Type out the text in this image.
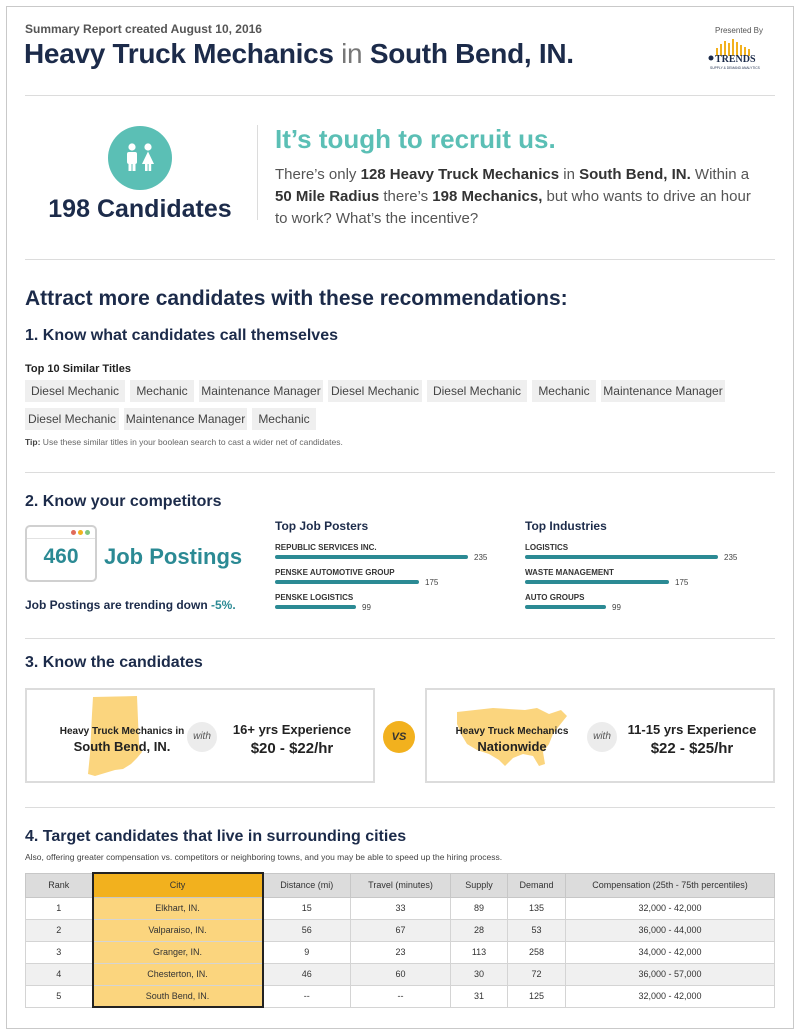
Summary Report created August 10, 2016
Heavy Truck Mechanics in South Bend, IN.
Presented By
TRENDS
SUPPLY & DEMAND ANALYTICS
198 Candidates
It’s tough to recruit us.
There’s only 128 Heavy Truck Mechanics in South Bend, IN. Within a 50 Mile Radius there’s 198 Mechanics, but who wants to drive an hour to work? What’s the incentive?
Attract more candidates with these recommendations:
1. Know what candidates call themselves
Top 10 Similar Titles
Diesel Mechanic	Mechanic	Maintenance Manager Diesel Mechanic	Diesel Mechanic	Mechanic	Maintenance Manager
Diesel Mechanic Maintenance Manager	Mechanic
Tip: Use these similar titles in your boolean search to cast a wider net of candidates.
2. Know your competitors
460	Job Postings
Job Postings are trending down -5%.
Top Job Posters	Top Industries
REPUBLIC SERVICES INC.
235
PENSKE AUTOMOTIVE GROUP
175
PENSKE LOGISTICS
99
LOGISTICS
235
WASTE MANAGEMENT
175
AUTO GROUPS
99
3. Know the candidates
Heavy Truck Mechanics in
South Bend, IN.
with	16+ yrs Experience
$20 - $22/hr
VS	Heavy Truck Mechanics
Nationwide
with	11-15 yrs Experience
$22 - $25/hr
4. Target candidates that live in surrounding cities
Also, offering greater compensation vs. competitors or neighboring towns, and you may be able to speed up the hiring process.
Rank	City	Distance (mi)	Travel (minutes)	Supply	Demand	Compensation (25th - 75th percentiles)
1	Elkhart, IN.	15	33	89	135	32,000 - 42,000
2	Valparaiso, IN.	56	67	28	53	36,000 - 44,000
3	Granger, IN.	9	23	113	258	34,000 - 42,000
4	Chesterton, IN.	46	60	30	72	36,000 - 57,000
5	South Bend, IN.	--	--	31	125	32,000 - 42,000
